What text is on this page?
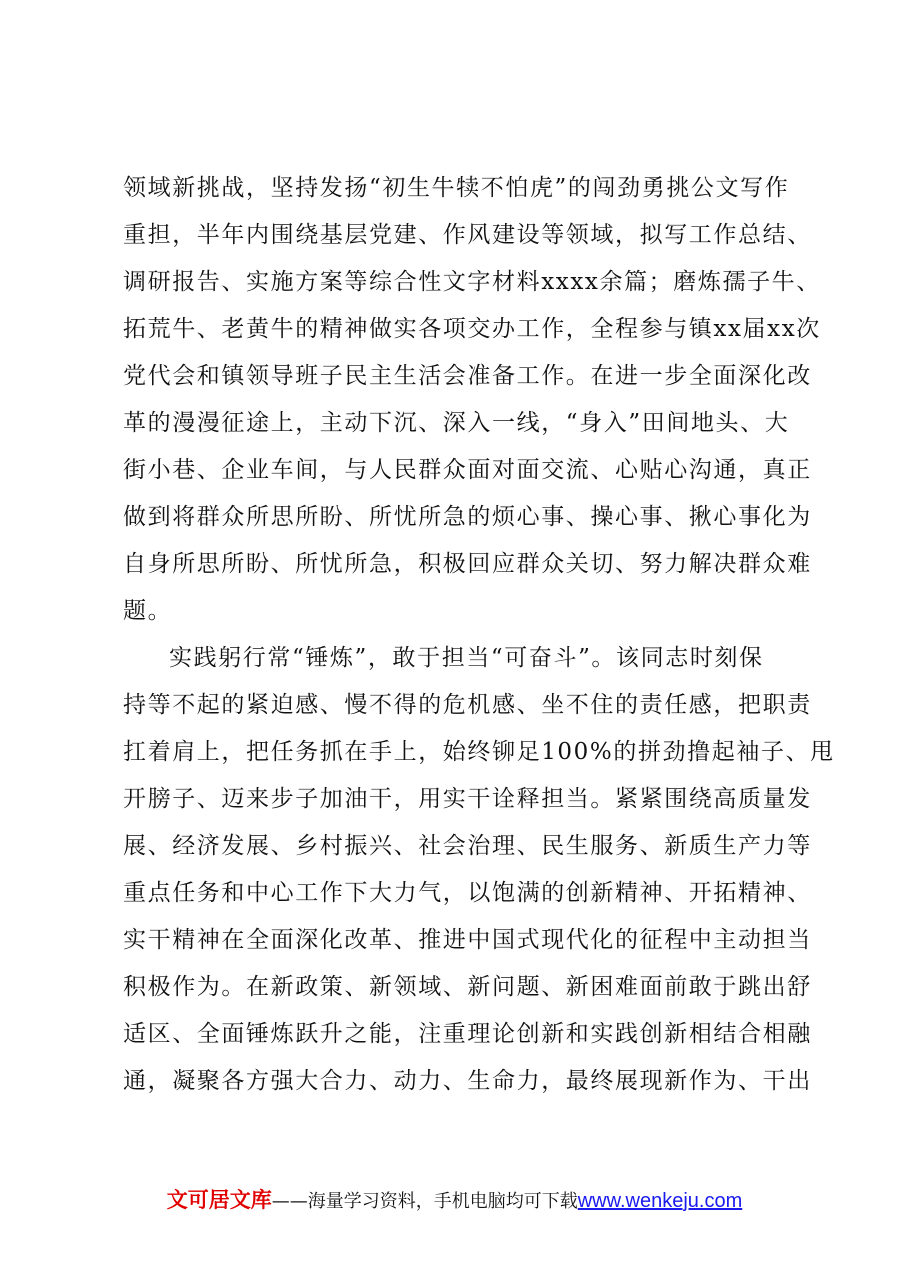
领域新挑战，坚持发扬“初生牛犊不怕虎”的闯劲勇挑公文写作
重担，半年内围绕基层党建、作风建设等领域，拟写工作总结、
调研报告、实施方案等综合性文字材料xxxx余篇；磨炼孺子牛、
拓荒牛、老黄牛的精神做实各项交办工作，全程参与镇xx届xx次
党代会和镇领导班子民主生活会准备工作。在进一步全面深化改
革的漫漫征途上，主动下沉、深入一线，“身入”田间地头、大
街小巷、企业车间，与人民群众面对面交流、心贴心沟通，真正
做到将群众所思所盼、所忧所急的烦心事、操心事、揪心事化为
自身所思所盼、所忧所急，积极回应群众关切、努力解决群众难
题。
实践躬行常“锤炼”，敢于担当“可奋斗”。该同志时刻保
持等不起的紧迫感、慢不得的危机感、坐不住的责任感，把职责
扛着肩上，把任务抓在手上，始终铆足100%的拼劲撸起袖子、甩
开膀子、迈来步子加油干，用实干诠释担当。紧紧围绕高质量发
展、经济发展、乡村振兴、社会治理、民生服务、新质生产力等
重点任务和中心工作下大力气，以饱满的创新精神、开拓精神、
实干精神在全面深化改革、推进中国式现代化的征程中主动担当
积极作为。在新政策、新领域、新问题、新困难面前敢于跳出舒
适区、全面锤炼跃升之能，注重理论创新和实践创新相结合相融
通，凝聚各方强大合力、动力、生命力，最终展现新作为、干出
文可居文库——海量学习资料，手机电脑均可下载www.wenkeju.com
